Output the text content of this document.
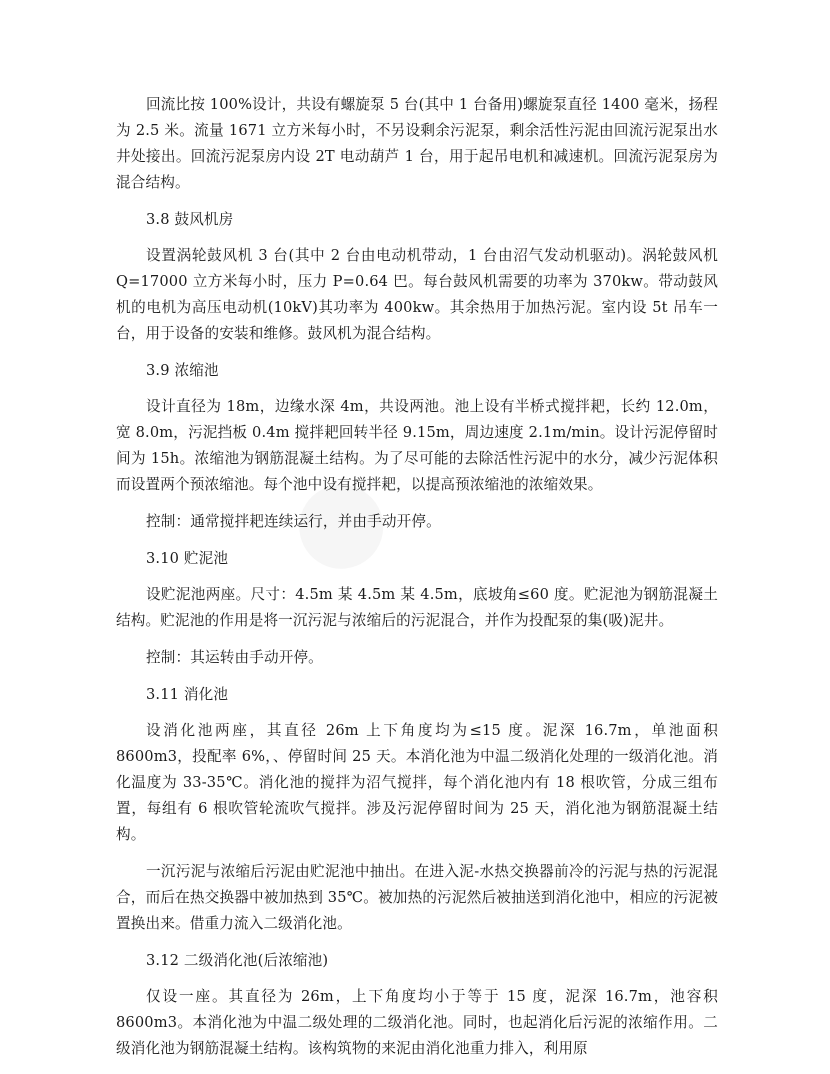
回流比按 100%设计，共设有螺旋泵 5 台(其中 1 台备用)螺旋泵直径 1400 毫米，扬程为 2.5 米。流量 1671 立方米每小时，不另设剩余污泥泵，剩余活性污泥由回流污泥泵出水井处接出。回流污泥泵房内设 2T 电动葫芦 1 台，用于起吊电机和减速机。回流污泥泵房为混合结构。

3.8 鼓风机房

设置涡轮鼓风机 3 台(其中 2 台由电动机带动，1 台由沼气发动机驱动)。涡轮鼓风机 Q=17000 立方米每小时，压力 P=0.64 巴。每台鼓风机需要的功率为 370kw。带动鼓风机的电机为高压电动机(10kV)其功率为 400kw。其余热用于加热污泥。室内设 5t 吊车一台，用于设备的安装和维修。鼓风机为混合结构。

3.9 浓缩池

设计直径为 18m，边缘水深 4m，共设两池。池上设有半桥式搅拌耙，长约 12.0m，宽 8.0m，污泥挡板 0.4m 搅拌耙回转半径 9.15m，周边速度 2.1m/min。设计污泥停留时间为 15h。浓缩池为钢筋混凝土结构。为了尽可能的去除活性污泥中的水分，减少污泥体积而设置两个预浓缩池。每个池中设有搅拌耙，以提高预浓缩池的浓缩效果。

控制：通常搅拌耙连续运行，并由手动开停。

3.10 贮泥池

设贮泥池两座。尺寸：4.5m 某 4.5m 某 4.5m，底坡角≤60 度。贮泥池为钢筋混凝土结构。贮泥池的作用是将一沉污泥与浓缩后的污泥混合，并作为投配泵的集(吸)泥井。

控制：其运转由手动开停。

3.11 消化池

设消化池两座，其直径 26m 上下角度均为≤15 度。泥深 16.7m，单池面积 8600m3，投配率 6%，、停留时间 25 天。本消化池为中温二级消化处理的一级消化池。消化温度为 33-35℃。消化池的搅拌为沼气搅拌，每个消化池内有 18 根吹管，分成三组布置，每组有 6 根吹管轮流吹气搅拌。涉及污泥停留时间为 25 天，消化池为钢筋混凝土结构。

一沉污泥与浓缩后污泥由贮泥池中抽出。在进入泥-水热交换器前冷的污泥与热的污泥混合，而后在热交换器中被加热到 35℃。被加热的污泥然后被抽送到消化池中，相应的污泥被置换出来。借重力流入二级消化池。

3.12 二级消化池(后浓缩池)

仅设一座。其直径为 26m，上下角度均小于等于 15 度，泥深 16.7m，池容积 8600m3。本消化池为中温二级处理的二级消化池。同时，也起消化后污泥的浓缩作用。二级消化池为钢筋混凝土结构。该构筑物的来泥由消化池重力排入，利用原
